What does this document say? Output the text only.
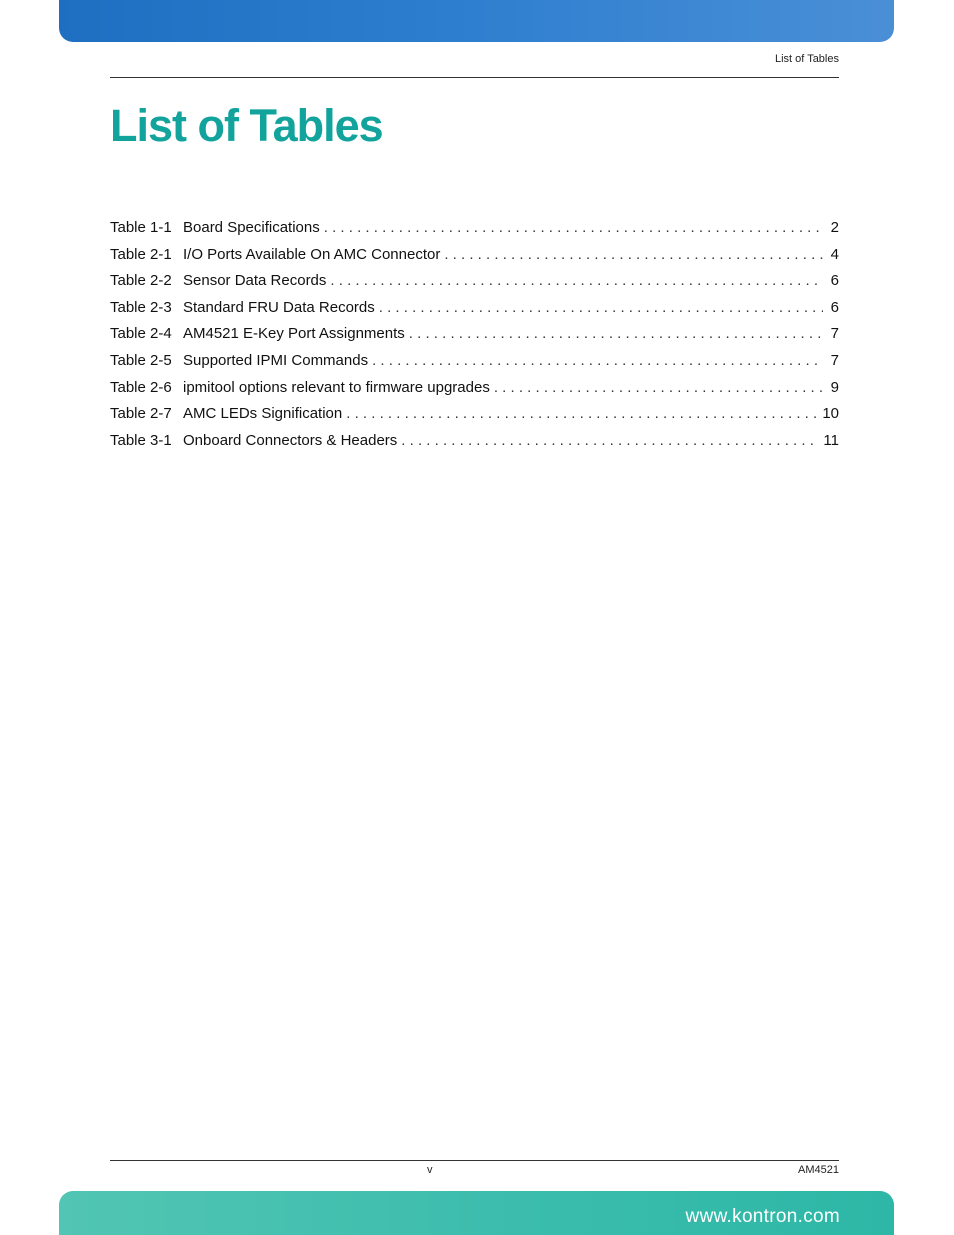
List of Tables
List of Tables
Table 1-1 Board Specifications . . .	2
Table 2-1 I/O Ports Available On AMC Connector . . .	4
Table 2-2 Sensor Data Records . . .	6
Table 2-3 Standard FRU Data Records . . .	6
Table 2-4 AM4521 E-Key Port Assignments . . .	7
Table 2-5 Supported IPMI Commands . . .	7
Table 2-6 ipmitool options relevant to firmware upgrades . . .	9
Table 2-7 AMC LEDs Signification . . .	10
Table 3-1 Onboard Connectors & Headers . . .	11
v	AM4521
www.kontron.com
